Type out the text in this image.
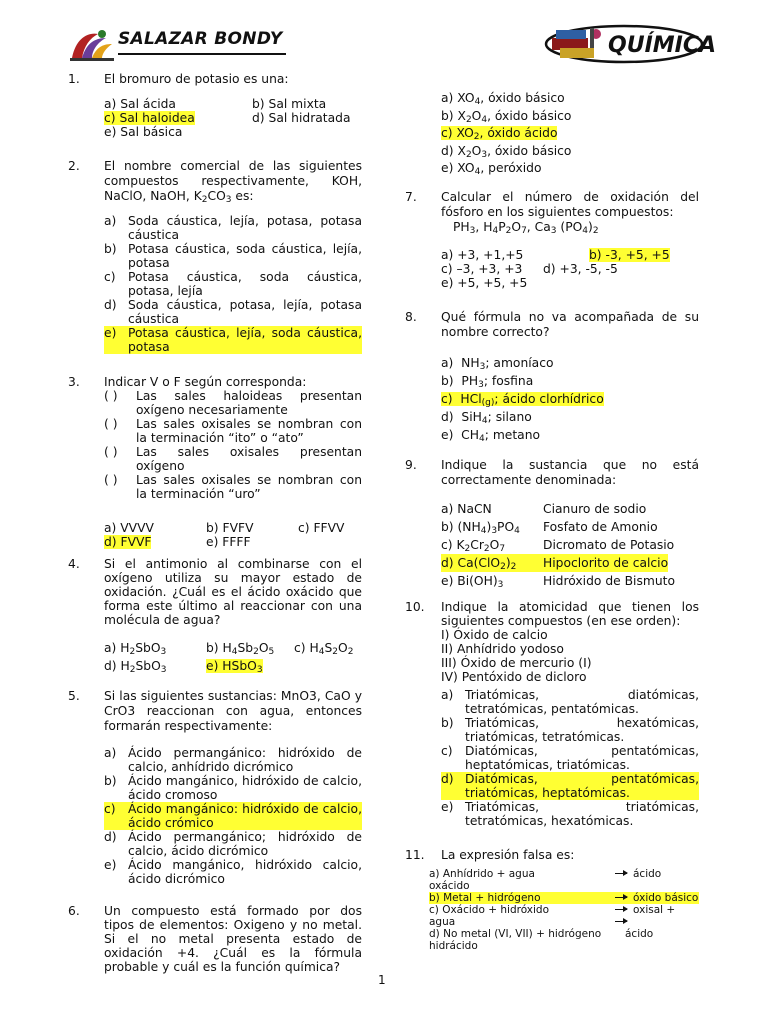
SALAZAR BONDY	QUÍMICA
1. El bromuro de potasio es una:
a) Sal ácida	b) Sal mixta
c) Sal haloidea	d) Sal hidratada
e) Sal básica
2. El nombre comercial de las siguientes compuestos respectivamente, KOH, NaClO, NaOH, $K_2CO_3$ es:
a) Soda cáustica, lejía, potasa, potasa cáustica
b) Potasa cáustica, soda cáustica, lejía, potasa
c)	Potasa cáustica, soda cáustica, potasa, lejía
d) Soda cáustica, potasa, lejía, potasa cáustica
e) Potasa cáustica, lejía, soda cáustica, potasa
3. Indicar V o F según corresponda:
( )	Las sales haloideas presentan oxígeno necesariamente
( )	Las sales oxisales se nombran con la terminación “ito” o “ato”
( )	Las sales oxisales presentan oxígeno
( )	Las sales oxisales se nombran con la terminación “uro”
a) VVVV	b) FVFV	c) FFVV
d) FVVF	e) FFFF
4. Si el antimonio al combinarse con el oxígeno utiliza su mayor estado de oxidación. ¿Cuál es el ácido oxácido que forma este último al reaccionar con una molécula de agua?
a) $H_2SbO_3$	b) $H_4Sb_2O_5$	c) $H_4S_2O_2$
d) $H_2SbO_3$	e) HSbO$_3$
5. Si las siguientes sustancias: MnO3, CaO y CrO3 reaccionan con agua, entonces formarán respectivamente:
a) Ácido permangánico: hidróxido de calcio, anhídrido dicrómico
b) Ácido mangánico, hidróxido de calcio, ácido cromoso
c)	Ácido mangánico: hidróxido de calcio, ácido crómico
d) Ácido permangánico; hidróxido de calcio, ácido dicrómico
e) Ácido mangánico, hidróxido calcio, ácido dicrómico
6. Un compuesto está formado por dos tipos de elementos: Oxigeno y no metal. Si el no metal presenta estado de oxidación +4. ¿Cuál es la fórmula probable y cuál es la función química?
a) $XO_4$, óxido básico
b) $X_2O_4$, óxido básico
c) $XO_2$, óxido ácido
d) $X_2O_3$, óxido básico
e) $XO_4$, peróxido
7. Calcular el número de oxidación del fósforo en los siguientes compuestos:
$PH_3$, $H_4P_2O_7$, $Ca_3$ $(PO_4)_2$
a) +3, +1,+5	b) -3, +5, +5
c) –3, +3, +3	d) +3, -5, -5
e) +5, +5, +5
8. Qué fórmula no va acompañada de su nombre correcto?
a)  $NH_3$; amoníaco
b)  $PH_3$; fosfina
c)  HCl$_{(g)}$; ácido clorhídrico
d)  SiH$_4$; silano
e)  $CH_4$; metano
9. Indique la sustancia que no está correctamente denominada:
a) NaCN	Cianuro de sodio
b) $(NH_4)_3PO_4$	Fosfato de Amonio
c) $K_2Cr_2O_7$	Dicromato de Potasio
d) $Ca(ClO_2)_2$	Hipoclorito de calcio
e) $Bi(OH)_3$	Hidróxido de Bismuto
10. Indique la atomicidad que tienen los siguientes compuestos (en ese orden):
I) Óxido de calcio
II) Anhídrido yodoso
III) Óxido de mercurio (I)
IV) Pentóxido de dicloro
a) Triatómicas, diatómicas, tetratómicas, pentatómicas.
b) Triatómicas, hexatómicas, triatómicas, tetratómicas.
c)	Diatómicas, pentatómicas, heptatómicas, triatómicas.
d) Diatómicas, pentatómicas, triatómicas, heptatómicas.
e) Triatómicas, triatómicas, tetratómicas, hexatómicas.
11. La expresión falsa es:
a) Anhídrido + agua	ácido
oxácido
b) Metal + hidrógeno	óxido básico
c) Oxácido + hidróxido	oxisal +
agua
d) No metal (VI, VII) + hidrógeno	ácido
hidrácido
1
